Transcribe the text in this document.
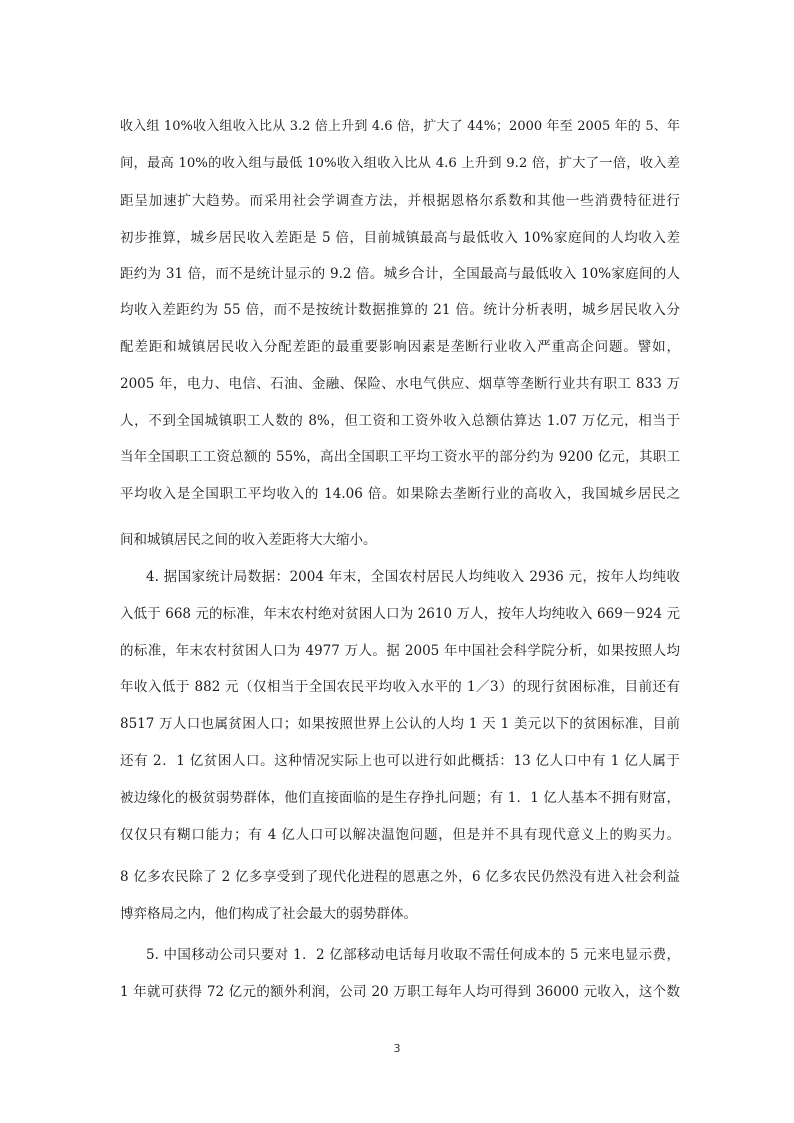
收入组 10%收入组收入比从 3.2 倍上升到 4.6 倍，扩大了 44%；2000 年至 2005 年的 5、年
间，最高 10%的收入组与最低 10%收入组收入比从 4.6 上升到 9.2 倍，扩大了一倍，收入差
距呈加速扩大趋势。而采用社会学调查方法，并根据恩格尔系数和其他一些消费特征进行
初步推算，城乡居民收入差距是 5 倍，目前城镇最高与最低收入 10%家庭间的人均收入差
距约为 31 倍，而不是统计显示的 9.2 倍。城乡合计，全国最高与最低收入 10%家庭间的人
均收入差距约为 55 倍，而不是按统计数据推算的 21 倍。统计分析表明，城乡居民收入分
配差距和城镇居民收入分配差距的最重要影响因素是垄断行业收入严重高企问题。譬如，
2005 年，电力、电信、石油、金融、保险、水电气供应、烟草等垄断行业共有职工 833 万
人，不到全国城镇职工人数的 8%，但工资和工资外收入总额估算达 1.07 万亿元，相当于
当年全国职工工资总额的 55%，高出全国职工平均工资水平的部分约为 9200 亿元，其职工
平均收入是全国职工平均收入的 14.06 倍。如果除去垄断行业的高收入，我国城乡居民之
间和城镇居民之间的收入差距将大大缩小。
4. 据国家统计局数据：2004 年末，全国农村居民人均纯收入 2936 元，按年人均纯收
入低于 668 元的标准，年末农村绝对贫困人口为 2610 万人，按年人均纯收入 669－924 元
的标准，年末农村贫困人口为 4977 万人。据 2005 年中国社会科学院分析，如果按照人均
年收入低于 882 元（仅相当于全国农民平均收入水平的 1／3）的现行贫困标准，目前还有
8517 万人口也属贫困人口；如果按照世界上公认的人均 1 天 1 美元以下的贫困标准，目前
还有 2．1 亿贫困人口。这种情况实际上也可以进行如此概括：13 亿人口中有 1 亿人属于
被边缘化的极贫弱势群体，他们直接面临的是生存挣扎问题；有 1．1 亿人基本不拥有财富，
仅仅只有糊口能力；有 4 亿人口可以解决温饱问题，但是并不具有现代意义上的购买力。
8 亿多农民除了 2 亿多享受到了现代化进程的恩惠之外，6 亿多农民仍然没有进入社会利益
博弈格局之内，他们构成了社会最大的弱势群体。
5. 中国移动公司只要对 1．2 亿部移动电话每月收取不需任何成本的 5 元来电显示费，
1 年就可获得 72 亿元的额外利润，公司 20 万职工每年人均可得到 36000 元收入，这个数
3
